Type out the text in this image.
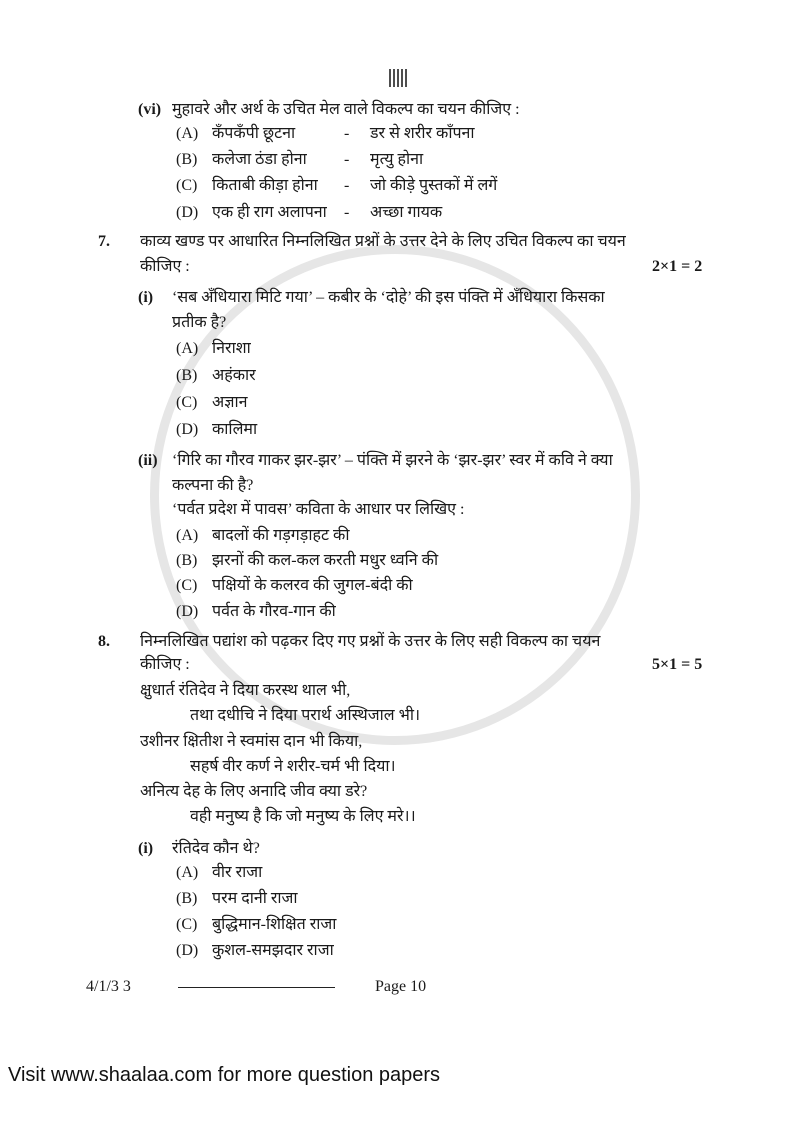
(vi) मुहावरे और अर्थ के उचित मेल वाले विकल्प का चयन कीजिए :
(A) कँपकँपी छूटना	-	डर से शरीर काँपना
(B) कलेजा ठंडा होना	-	मृत्यु होना
(C) किताबी कीड़ा होना	-	जो कीड़े पुस्तकों में लगें
(D) एक ही राग अलापना	-	अच्छा गायक
7. काव्य खण्ड पर आधारित निम्नलिखित प्रश्नों के उत्तर देने के लिए उचित विकल्प का चयन
कीजिए :	2×1 = 2
(i) ‘सब अँधियारा मिटि गया’ – कबीर के ‘दोहे’ की इस पंक्ति में अँधियारा किसका
प्रतीक है?
(A) निराशा
(B) अहंकार
(C) अज्ञान
(D) कालिमा
(ii) ‘गिरि का गौरव गाकर झर-झर’ – पंक्ति में झरने के ‘झर-झर’ स्वर में कवि ने क्या
कल्पना की है?
‘पर्वत प्रदेश में पावस’ कविता के आधार पर लिखिए :
(A) बादलों की गड़गड़ाहट की
(B) झरनों की कल-कल करती मधुर ध्वनि की
(C) पक्षियों के कलरव की जुगल-बंदी की
(D) पर्वत के गौरव-गान की
8. निम्नलिखित पद्यांश को पढ़कर दिए गए प्रश्नों के उत्तर के लिए सही विकल्प का चयन
कीजिए :	5×1 = 5
क्षुधार्त रंतिदेव ने दिया करस्थ थाल भी,
तथा दधीचि ने दिया परार्थ अस्थिजाल भी।
उशीनर क्षितीश ने स्वमांस दान भी किया,
सहर्ष वीर कर्ण ने शरीर-चर्म भी दिया।
अनित्य देह के लिए अनादि जीव क्या डरे?
वही मनुष्य है कि जो मनुष्य के लिए मरे।।
(i) रंतिदेव कौन थे?
(A) वीर राजा
(B) परम दानी राजा
(C) बुद्धिमान-शिक्षित राजा
(D) कुशल-समझदार राजा
4/1/3 3	Page 10
Visit www.shaalaa.com for more question papers
